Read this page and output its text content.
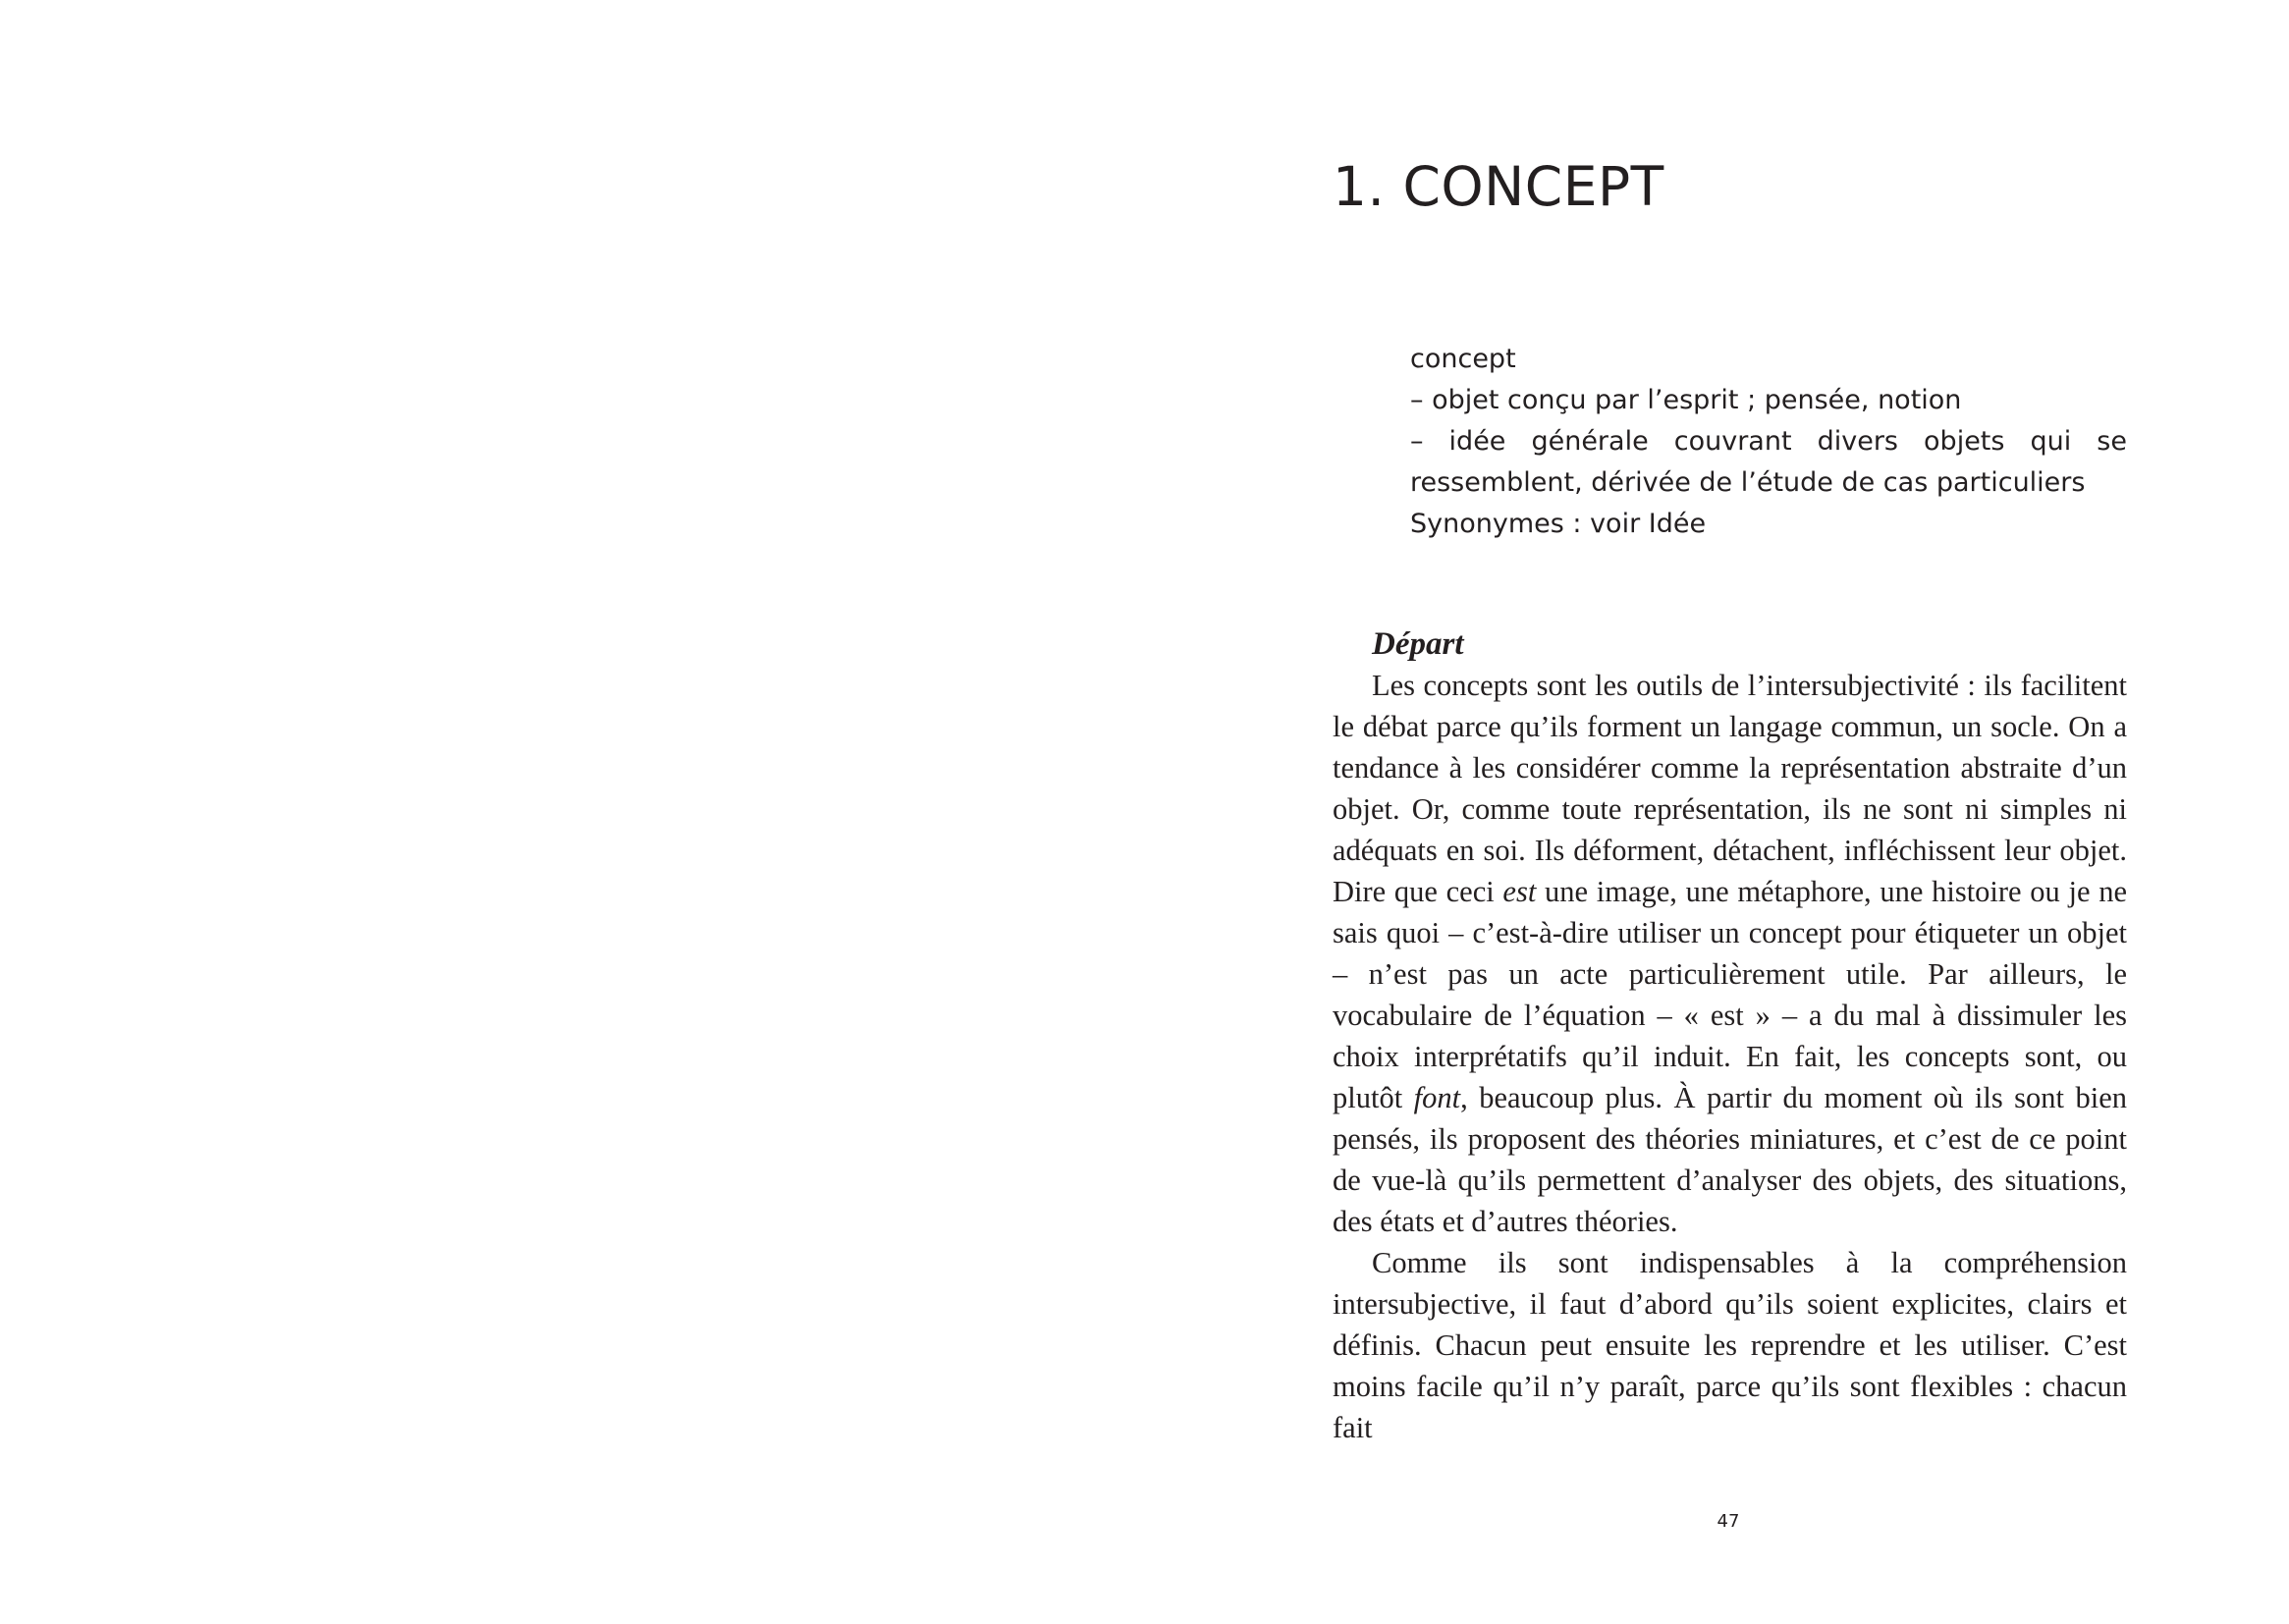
1. CONCEPT
concept
– objet conçu par l’esprit ; pensée, notion
– idée générale couvrant divers objets qui se ressemblent, dérivée de l’étude de cas particuliers
Synonymes : voir Idée
Départ

Les concepts sont les outils de l’intersubjectivité : ils facilitent le débat parce qu’ils forment un langage commun, un socle. On a tendance à les considérer comme la représentation abstraite d’un objet. Or, comme toute représentation, ils ne sont ni simples ni adéquats en soi. Ils déforment, détachent, infléchissent leur objet. Dire que ceci est une image, une métaphore, une histoire ou je ne sais quoi – c’est-à-dire utiliser un concept pour étiqueter un objet – n’est pas un acte particulièrement utile. Par ailleurs, le vocabulaire de l’équation – « est » – a du mal à dissimuler les choix interprétatifs qu’il induit. En fait, les concepts sont, ou plutôt font, beaucoup plus. À partir du moment où ils sont bien pensés, ils proposent des théories miniatures, et c’est de ce point de vue-là qu’ils permettent d’analyser des objets, des situations, des états et d’autres théories.

Comme ils sont indispensables à la compréhension intersubjective, il faut d’abord qu’ils soient explicites, clairs et définis. Chacun peut ensuite les reprendre et les utiliser. C’est moins facile qu’il n’y paraît, parce qu’ils sont flexibles : chacun fait

47
